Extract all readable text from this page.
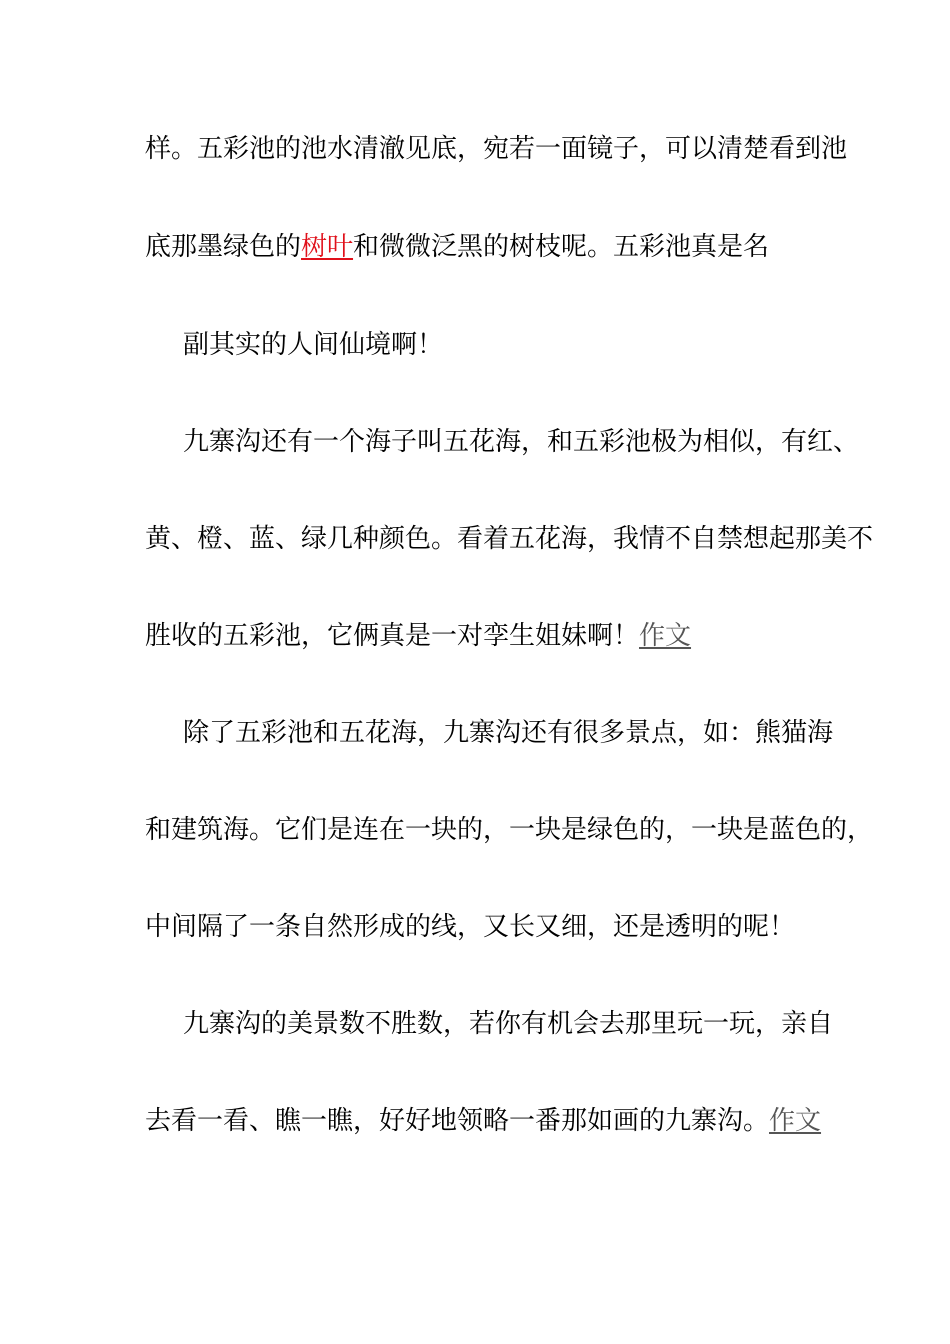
样。五彩池的池水清澈见底，宛若一面镜子，可以清楚看到池
底那墨绿色的树叶和微微泛黑的树枝呢。五彩池真是名
副其实的人间仙境啊！
九寨沟还有一个海子叫五花海，和五彩池极为相似，有红、
黄、橙、蓝、绿几种颜色。看着五花海，我情不自禁想起那美不
胜收的五彩池，它俩真是一对孪生姐妹啊！作文
除了五彩池和五花海，九寨沟还有很多景点，如：熊猫海
和建筑海。它们是连在一块的，一块是绿色的，一块是蓝色的，
中间隔了一条自然形成的线，又长又细，还是透明的呢！
九寨沟的美景数不胜数，若你有机会去那里玩一玩，亲自
去看一看、瞧一瞧，好好地领略一番那如画的九寨沟。作文
